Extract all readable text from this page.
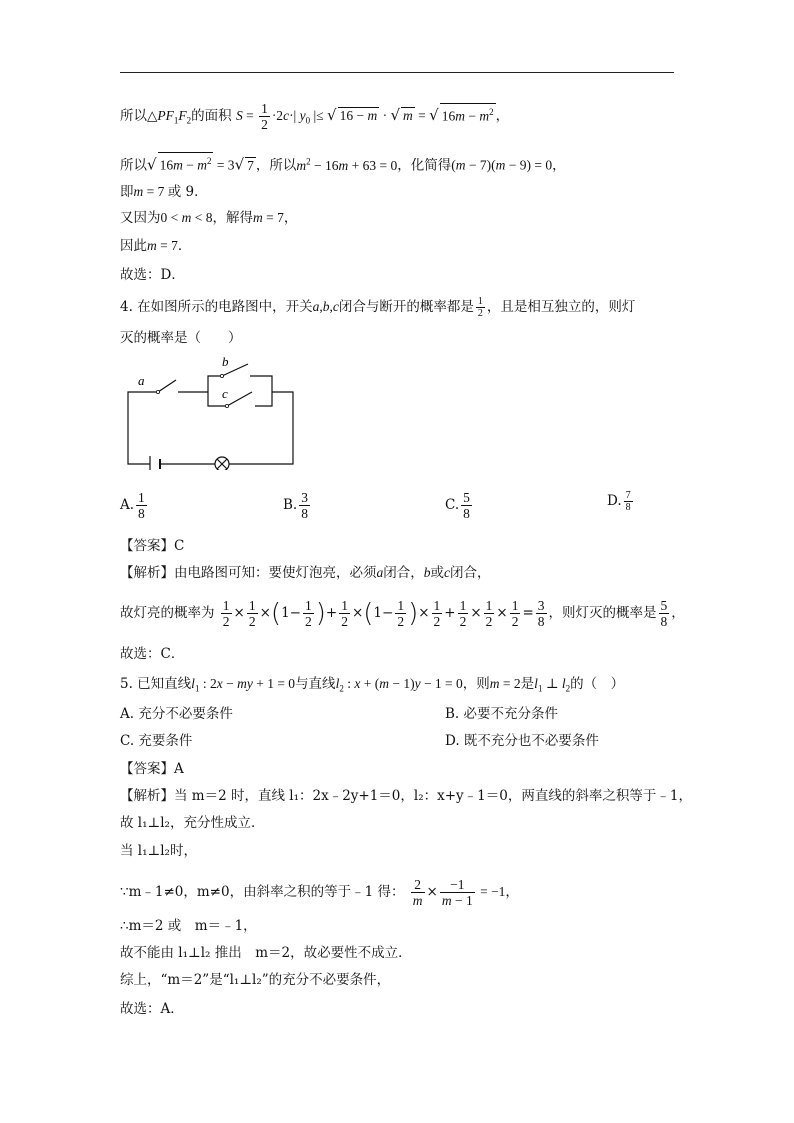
所以$\triangle PF_1F_2$的面积 $S = \frac{1}{2} \cdot 2c\cdot|$ $y_0$ |≤ √ 16 − m · √ m = √ $16m - m^2$ ，
所以√ $16m - m^2 = 3√$ 7 ，所以$m^2 - 16m + 63 = 0$，化简得(m − 7)(m − 9) = 0，
即m = 7 或 9．
又因为0 < m < 8，解得m = 7，
因此m = 7．
故选：D．
4. 在如图所示的电路图中，开关a,b,c闭合与断开的概率都是 $\frac{1}{2}$ ，且是相互独立的，则灯
灭的概率是（　　）
a
b
c
A. $\frac{1}{8}$	B. $\frac{3}{8}$	C. $\frac{5}{8}$	D. $\frac{7}{8}$
【答案】C
【解析】由电路图可知：要使灯泡亮，必须a闭合，b或c闭合，
故灯亮的概率为 $\frac{1}{2} \times \frac{1}{2} \times(1- \frac{1}{2}$ )+ $\frac{1}{2} \times(1- \frac{1}{2}$ )× $\frac{1}{2} + \frac{1}{2} \times \frac{1}{2} \times \frac{1}{2} = \frac{3}{8}$ ，则灯灭的概率是 $\frac{5}{8}$ ，
故选：C．
5. 已知直线$l_1$ : 2x − my + 1 = 0与直线$l_2$ : x + (m − 1)y − 1 = 0，则m = 2是$l_1$ ⊥ $l_2$的（　）
A. 充分不必要条件	B. 必要不充分条件
C. 充要条件	D. 既不充分也不必要条件
【答案】A
【解析】当 m＝2 时，直线 l₁：2x﹣2y+1＝0，l₂：x+y﹣1＝0，两直线的斜率之积等于﹣1，
故 l₁⊥l₂，充分性成立．
当 l₁⊥l₂时，
∵m﹣1≠0，m≠0，由斜率之积的等于﹣1 得： $\frac{2}{m} \times \frac{-1}{m - 1} = -1$，
∴m＝2 或　m＝﹣1，
故不能由 l₁⊥l₂ 推出　m＝2，故必要性不成立．
综上，“m＝2”是“l₁⊥l₂”的充分不必要条件，
故选：A．
